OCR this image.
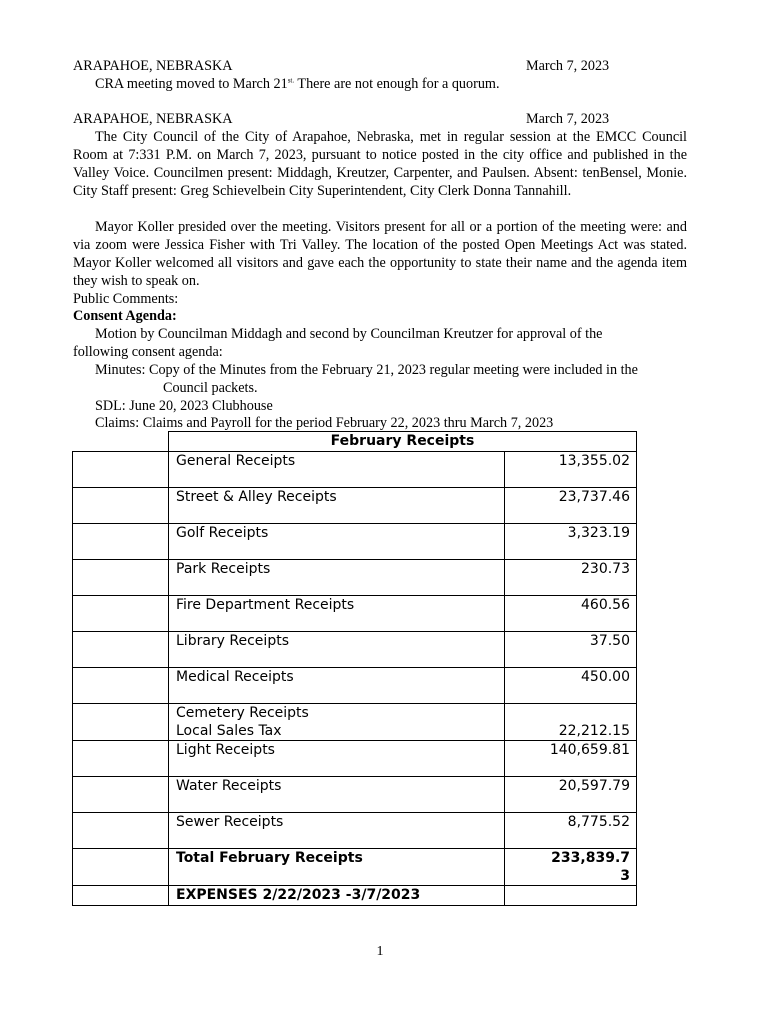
ARAPAHOE, NEBRASKA	March 7, 2023
CRA meeting moved to March $21^{st.}$ There are not enough for a quorum.
ARAPAHOE, NEBRASKA	March 7, 2023
The City Council of the City of Arapahoe, Nebraska, met in regular session at the EMCC Council Room at 7:331 P.M. on March 7, 2023, pursuant to notice posted in the city office and published in the Valley Voice. Councilmen present: Middagh, Kreutzer, Carpenter, and Paulsen. Absent: tenBensel, Monie. City Staff present: Greg Schievelbein City Superintendent, City Clerk Donna Tannahill.
Mayor Koller presided over the meeting. Visitors present for all or a portion of the meeting were: and via zoom were Jessica Fisher with Tri Valley. The location of the posted Open Meetings Act was stated. Mayor Koller welcomed all visitors and gave each the opportunity to state their name and the agenda item they wish to speak on.
Public Comments:
Consent Agenda:
Motion by Councilman Middagh and second by Councilman Kreutzer for approval of the
following consent agenda:
Minutes: Copy of the Minutes from the February 21, 2023 regular meeting were included in the
Council packets.
SDL: June 20, 2023 Clubhouse
Claims: Claims and Payroll for the period February 22, 2023 thru March 7, 2023
	February Receipts	
	General Receipts	13,355.02
	Street & Alley Receipts	23,737.46
	Golf Receipts	3,323.19
	Park Receipts	230.73
	Fire Department Receipts	460.56
	Library Receipts	37.50
	Medical Receipts	450.00

	Cemetery Receipts
Local Sales Tax	22,212.15
	Light Receipts	140,659.81
	Water Receipts	20,597.79
	Sewer Receipts	8,775.52
	Total February Receipts	233,839.73
	EXPENSES 2/22/2023 -3/7/2023	
1
